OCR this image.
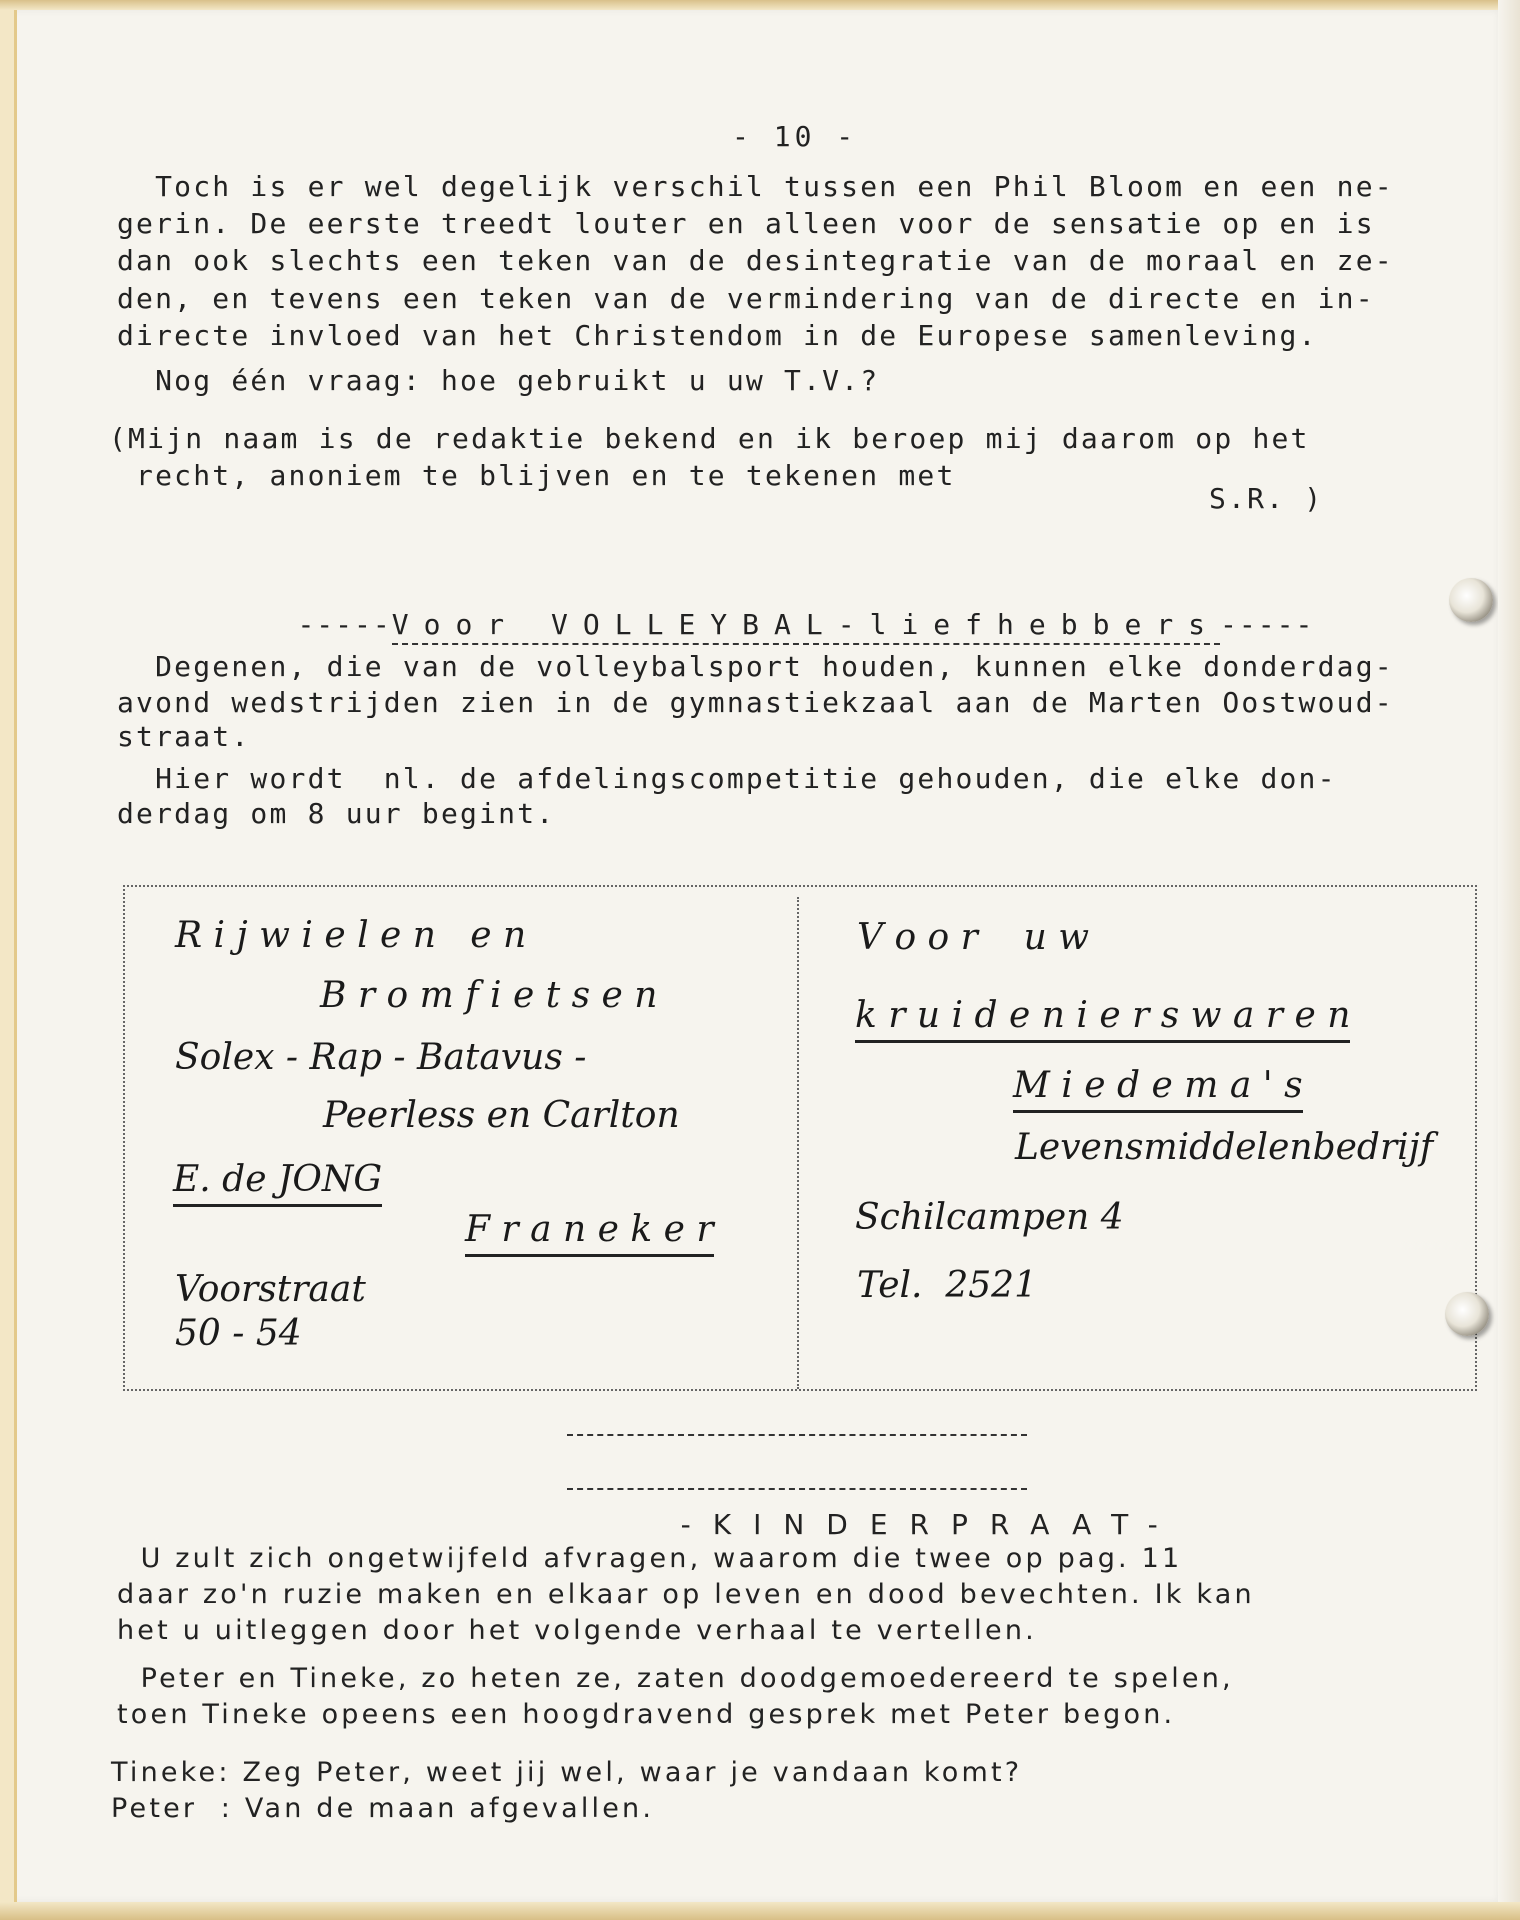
- 10 -
Toch is er wel degelijk verschil tussen een Phil Bloom en een ne-
gerin. De eerste treedt louter en alleen voor de sensatie op en is
dan ook slechts een teken van de desintegratie van de moraal en ze-
den, en tevens een teken van de vermindering van de directe en in-
directe invloed van het Christendom in de Europese samenleving.
Nog één vraag: hoe gebruikt u uw T.V.?
(Mijn naam is de redaktie bekend en ik beroep mij daarom op het
recht, anoniem te blijven en te tekenen met
S.R. )

-----Voor VOLLEYBAL-liefhebbers-----

Degenen, die van de volleybalsport houden, kunnen elke donderdag-
avond wedstrijden zien in de gymnastiekzaal aan de Marten Oostwoud-
straat.
Hier wordt  nl. de afdelingscompetitie gehouden, die elke don-
derdag om 8 uur begint.
R i j w i e l e n   e n
B r o m f i e t s e n
Solex - Rap - Batavus -
Peerless en Carlton
E. de JONG
F r a n e k e r
Voorstraat
50 - 54
V o o r    u w
k r u i d e n i e r s w a r e n
M i e d e m a ' s
Levensmiddelenbedrijf
Schilcampen 4
Tel.  2521

-KINDERPRAAT-

U zult zich ongetwijfeld afvragen, waarom die twee op pag. 11
daar zo'n ruzie maken en elkaar op leven en dood bevechten. Ik kan
het u uitleggen door het volgende verhaal te vertellen.
Peter en Tineke, zo heten ze, zaten doodgemoedereerd te spelen,
toen Tineke opeens een hoogdravend gesprek met Peter begon.
Tineke: Zeg Peter, weet jij wel, waar je vandaan komt?
Peter  : Van de maan afgevallen.
